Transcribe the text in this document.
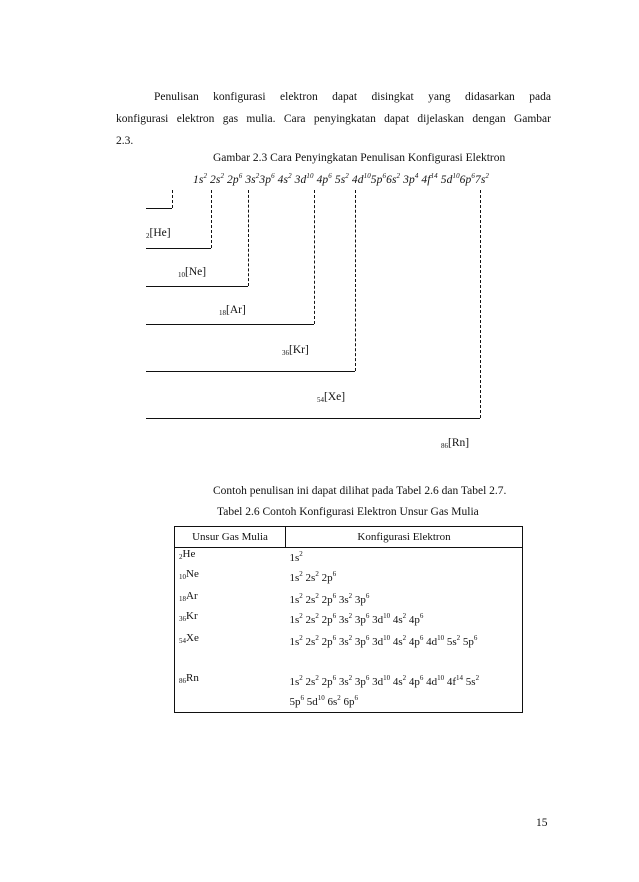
Penulisan konfigurasi elektron dapat disingkat yang didasarkan pada
konfigurasi elektron gas mulia. Cara penyingkatan dapat dijelaskan dengan Gambar
2.3.
Gambar 2.3 Cara Penyingkatan Penulisan Konfigurasi Elektron
$1s^2$ $2s^2$ $2p^6$ $3s^23p^6$ $4s^2$ $3d^{10}$ $4p^6$ $5s^2$ $4d^{10}5p^66s^2$ $3p^4$ $4f^{14}$ $5d^{10}6p^67s^2$
$_2$[He]
$_{10}$[Ne]
$_{18}$[Ar]
$_{36}$[Kr]
$_{54}$[Xe]
$_{86}$[Rn]
Contoh penulisan ini dapat dilihat pada Tabel 2.6 dan Tabel 2.7.
Tabel 2.6 Contoh Konfigurasi Elektron Unsur Gas Mulia
Unsur Gas Mulia	Konfigurasi Elektron
$_2$He	$1s^2$

$_{10}$Ne	$1s^2$ $2s^2$ $2p^6$

$_{18}$Ar	$1s^2$ $2s^2$ $2p^6$ $3s^2$ $3p^6$

$_{36}$Kr	$1s^2$ $2s^2$ $2p^6$ $3s^2$ $3p^6$ $3d^{10}$ $4s^2$ $4p^6$

$_{54}$Xe	$1s^2$ $2s^2$ $2p^6$ $3s^2$ $3p^6$ $3d^{10}$ $4s^2$ $4p^6$ $4d^{10}$ $5s^2$ $5p^6$

$_{86}$Rn	$1s^2$ $2s^2$ $2p^6$ $3s^2$ $3p^6$ $3d^{10}$ $4s^2$ $4p^6$ $4d^{10}$ $4f^{14}$ $5s^2$
$5p^6$ $5d^{10}$ $6s^2$ $6p^6$
15
